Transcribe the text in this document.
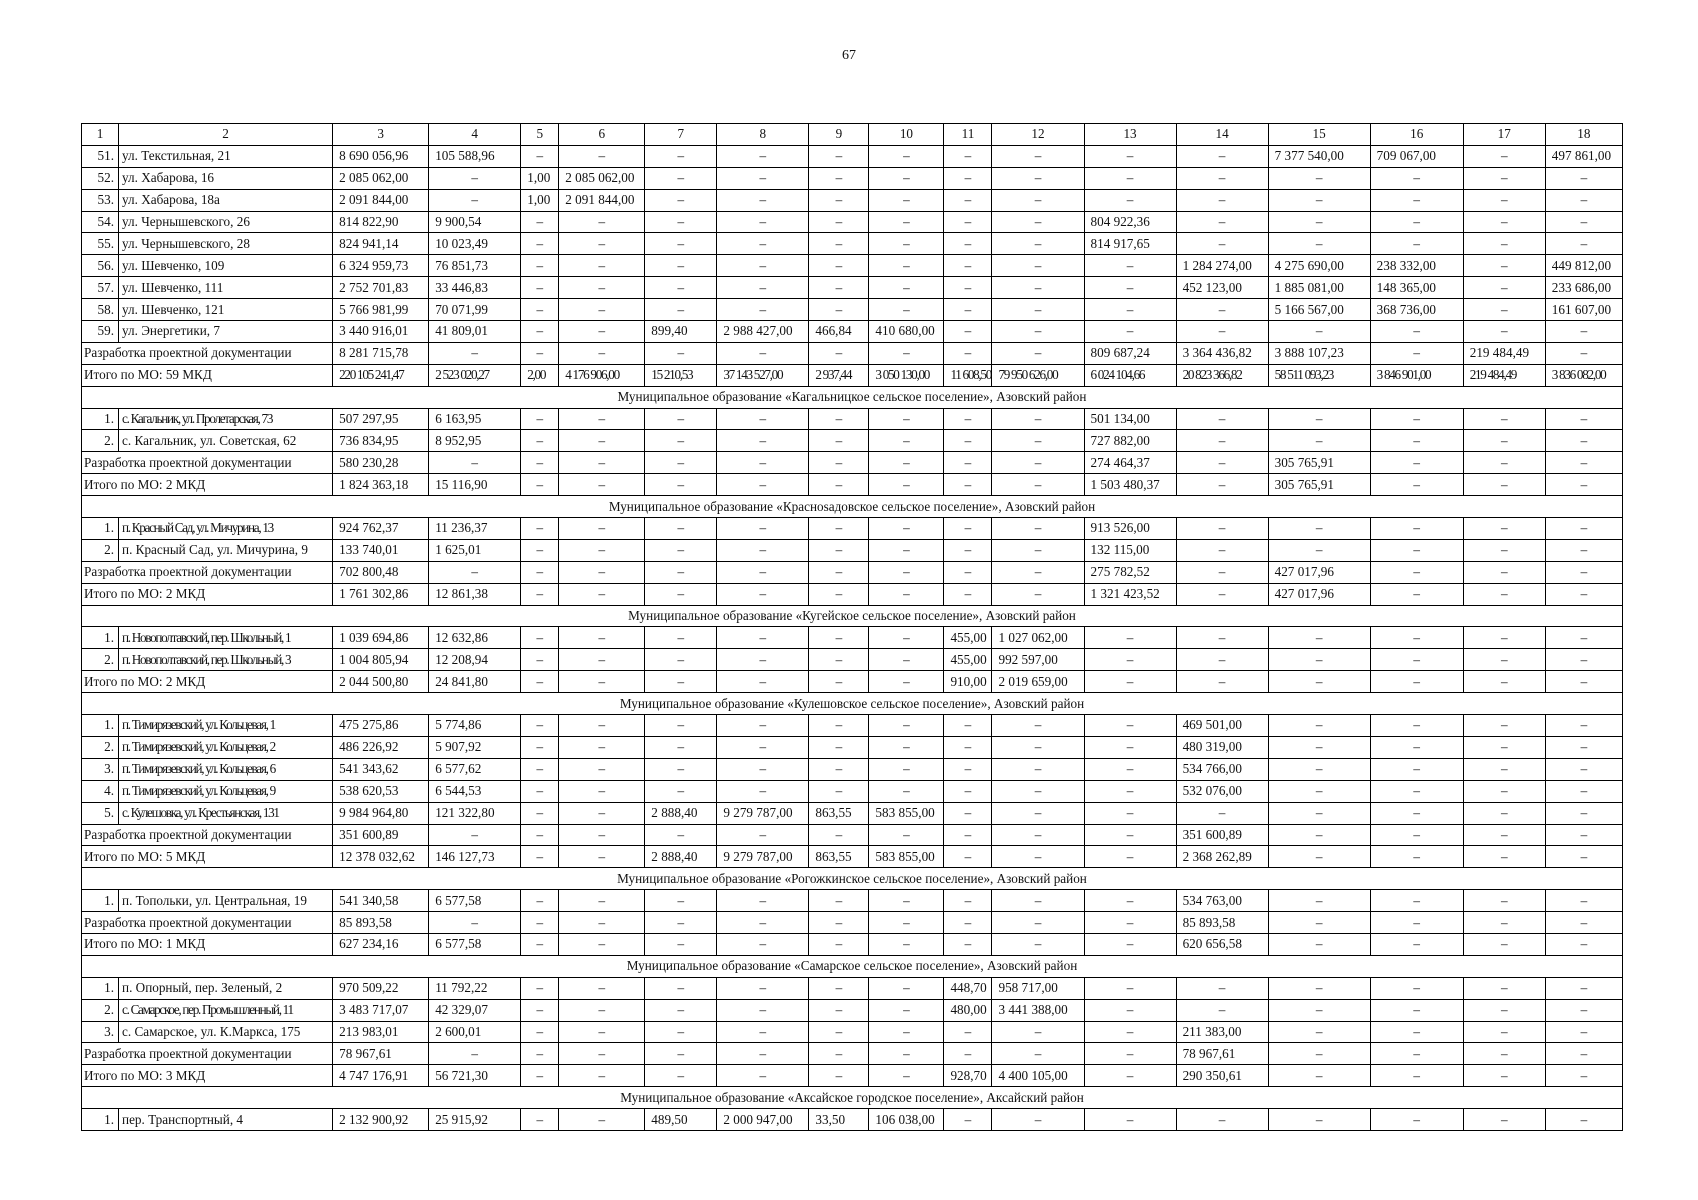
67
1	2	3	4	5	6	7	8	9	10	11	12	13	14	15	16	17	18
51.	ул. Текстильная, 21	8 690 056,96	105 588,96	–	–	–	–	–	–	–	–	–	–	7 377 540,00	709 067,00	–	497 861,00
52.	ул. Хабарова, 16	2 085 062,00	–	1,00	2 085 062,00	–	–	–	–	–	–	–	–	–	–	–	–
53.	ул. Хабарова, 18а	2 091 844,00	–	1,00	2 091 844,00	–	–	–	–	–	–	–	–	–	–	–	–
54.	ул. Чернышевского, 26	814 822,90	9 900,54	–	–	–	–	–	–	–	–	804 922,36	–	–	–	–	–
55.	ул. Чернышевского, 28	824 941,14	10 023,49	–	–	–	–	–	–	–	–	814 917,65	–	–	–	–	–
56.	ул. Шевченко, 109	6 324 959,73	76 851,73	–	–	–	–	–	–	–	–	–	1 284 274,00	4 275 690,00	238 332,00	–	449 812,00
57.	ул. Шевченко, 111	2 752 701,83	33 446,83	–	–	–	–	–	–	–	–	–	452 123,00	1 885 081,00	148 365,00	–	233 686,00
58.	ул. Шевченко, 121	5 766 981,99	70 071,99	–	–	–	–	–	–	–	–	–	–	5 166 567,00	368 736,00	–	161 607,00
59.	ул. Энергетики, 7	3 440 916,01	41 809,01	–	–	899,40	2 988 427,00	466,84	410 680,00	–	–	–	–	–	–	–	–
Разработка проектной документации		8 281 715,78	–	–	–	–	–	–	–	–	–	809 687,24	3 364 436,82	3 888 107,23	–	219 484,49	–
Итого по МО: 59 МКД		220 105 241,47	2 523 020,27	2,00	4 176 906,00	15 210,53	37 143 527,00	2 937,44	3 050 130,00	11 608,50	79 950 626,00	6 024 104,66	20 823 366,82	58 511 093,23	3 846 901,00	219 484,49	3 836 082,00
Муниципальное образование «Кагальницкое сельское поселение», Азовский район																	
1.	с. Кагальник, ул. Пролетарская, 73	507 297,95	6 163,95	–	–	–	–	–	–	–	–	501 134,00	–	–	–	–	–
2.	с. Кагальник, ул. Советская, 62	736 834,95	8 952,95	–	–	–	–	–	–	–	–	727 882,00	–	–	–	–	–
Разработка проектной документации		580 230,28	–	–	–	–	–	–	–	–	–	274 464,37	–	305 765,91	–	–	–
Итого по МО: 2 МКД		1 824 363,18	15 116,90	–	–	–	–	–	–	–	–	1 503 480,37	–	305 765,91	–	–	–
Муниципальное образование «Краснosaдовское сельское поселение», Азовский район																	
1.	п. Красный Сад, ул. Мичурина, 13	924 762,37	11 236,37	–	–	–	–	–	–	–	–	913 526,00	–	–	–	–	–
2.	п. Красный Сад, ул. Мичурина, 9	133 740,01	1 625,01	–	–	–	–	–	–	–	–	132 115,00	–	–	–	–	–
Разработка проектной документации		702 800,48	–	–	–	–	–	–	–	–	–	275 782,52	–	427 017,96	–	–	–
Итого по МО: 2 МКД		1 761 302,86	12 861,38	–	–	–	–	–	–	–	–	1 321 423,52	–	427 017,96	–	–	–
Муниципальное образование «Кугейское сельское поселение», Азовский район																	
1.	п. Новополтавский, пер. Школьный, 1	1 039 694,86	12 632,86	–	–	–	–	–	–	455,00	1 027 062,00	–	–	–	–	–	–
2.	п. Новополтавский, пер. Школьный, 3	1 004 805,94	12 208,94	–	–	–	–	–	–	455,00	992 597,00	–	–	–	–	–	–
Итого по МО: 2 МКД		2 044 500,80	24 841,80	–	–	–	–	–	–	910,00	2 019 659,00	–	–	–	–	–	–
Муниципальное образование «Кулешовское сельское поселение», Азовский район																	
1.	п. Тимирязевский, ул. Кольцевая, 1	475 275,86	5 774,86	–	–	–	–	–	–	–	–	–	469 501,00	–	–	–	–
2.	п. Тимирязевский, ул. Кольцевая, 2	486 226,92	5 907,92	–	–	–	–	–	–	–	–	–	480 319,00	–	–	–	–
3.	п. Тимирязевский, ул. Кольцевая, 6	541 343,62	6 577,62	–	–	–	–	–	–	–	–	–	534 766,00	–	–	–	–
4.	п. Тимирязевский, ул. Кольцевая, 9	538 620,53	6 544,53	–	–	–	–	–	–	–	–	–	532 076,00	–	–	–	–
5.	с. Кулешовка, ул. Крестьянская, 131	9 984 964,80	121 322,80	–	–	2 888,40	9 279 787,00	863,55	583 855,00	–	–	–	–	–	–	–	–
Разработка проектной документации		351 600,89	–	–	–	–	–	–	–	–	–	–	351 600,89	–	–	–	–
Итого по МО: 5 МКД		12 378 032,62	146 127,73	–	–	2 888,40	9 279 787,00	863,55	583 855,00	–	–	–	2 368 262,89	–	–	–	–
Муниципальное образование «Рогожкинское сельское поселение», Азовский район																	
1.	п. Топольки, ул. Центральная, 19	541 340,58	6 577,58	–	–	–	–	–	–	–	–	–	534 763,00	–	–	–	–
Разработка проектной документации		85 893,58	–	–	–	–	–	–	–	–	–	–	85 893,58	–	–	–	–
Итого по МО: 1 МКД		627 234,16	6 577,58	–	–	–	–	–	–	–	–	–	620 656,58	–	–	–	–
Муниципальное образование «Самарское сельское поселение», Азовский район																	
1.	п. Опорный, пер. Зеленый, 2	970 509,22	11 792,22	–	–	–	–	–	–	448,70	958 717,00	–	–	–	–	–	–
2.	с. Самарское, пер. Промышленный, 11	3 483 717,07	42 329,07	–	–	–	–	–	–	480,00	3 441 388,00	–	–	–	–	–	–
3.	с. Самарское, ул. К.Маркса, 175	213 983,01	2 600,01	–	–	–	–	–	–	–	–	–	211 383,00	–	–	–	–
Разработка проектной документации		78 967,61	–	–	–	–	–	–	–	–	–	–	78 967,61	–	–	–	–
Итого по МО: 3 МКД		4 747 176,91	56 721,30	–	–	–	–	–	–	928,70	4 400 105,00	–	290 350,61	–	–	–	–
Муниципальное образование «Аксайское городское поселение», Аксайский район																	
1.	пер. Транспортный, 4	2 132 900,92	25 915,92	–	–	489,50	2 000 947,00	33,50	106 038,00	–	–	–	–	–	–	–	–
